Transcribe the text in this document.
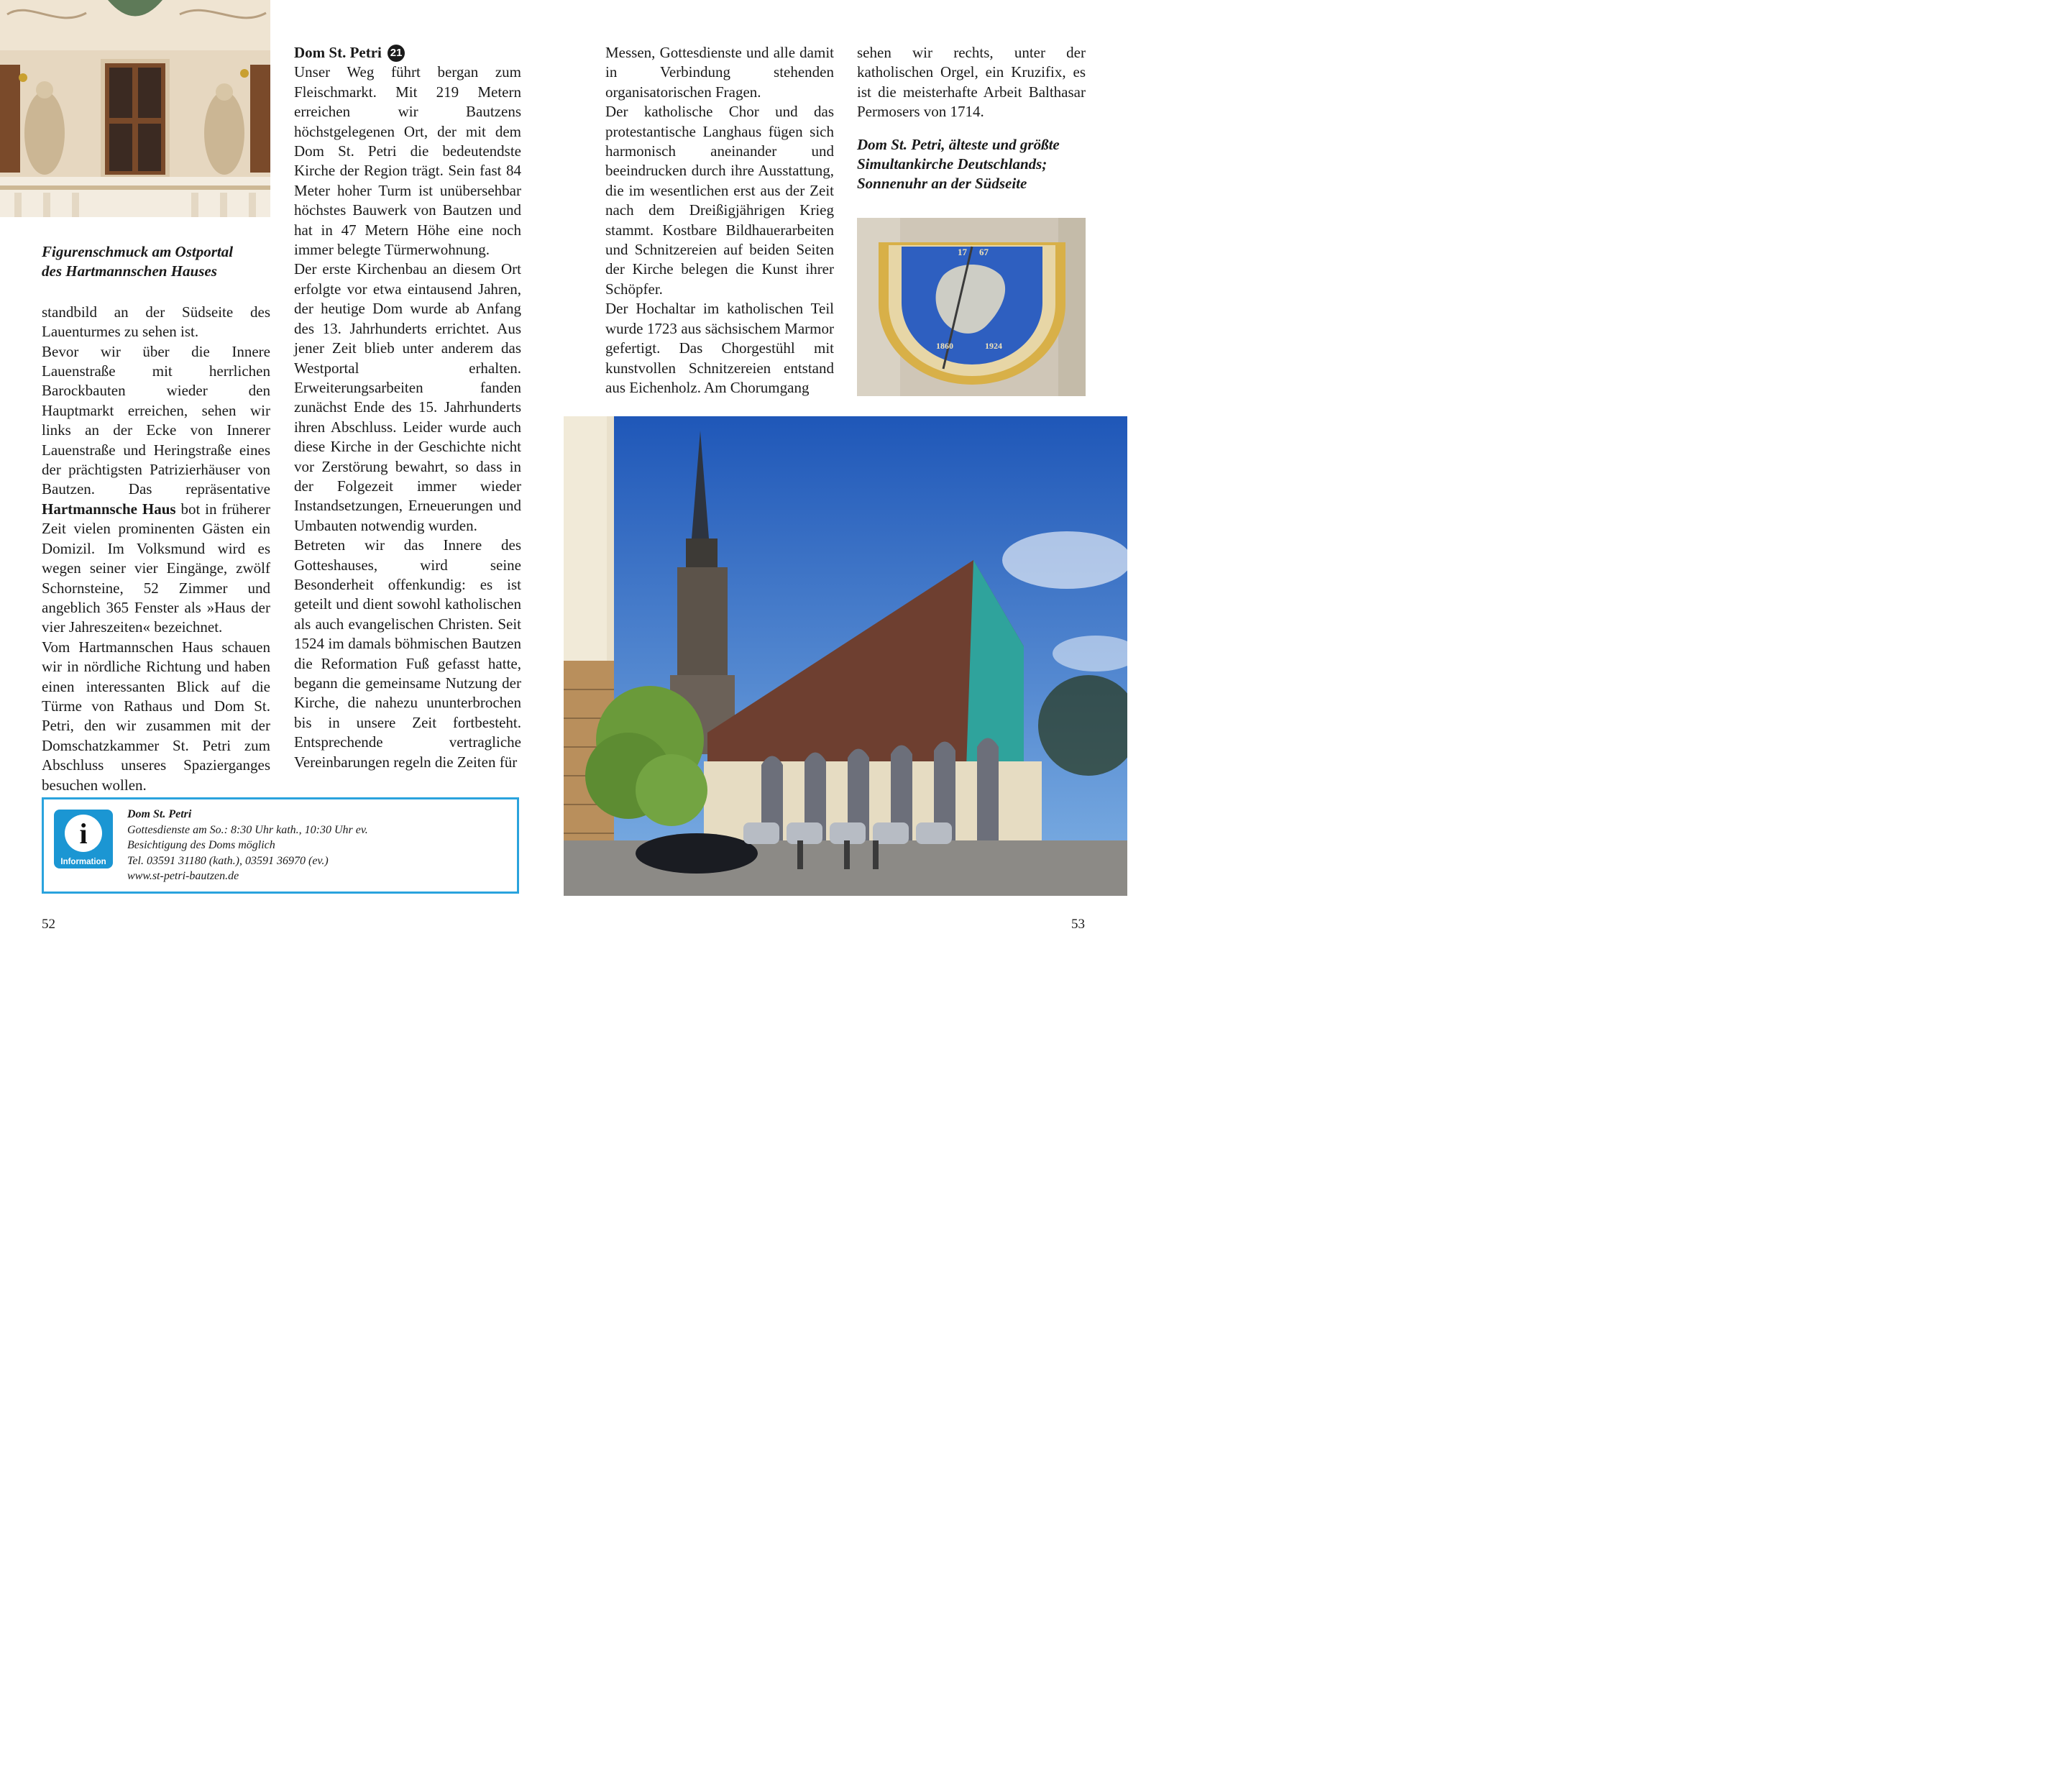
Figurenschmuck am Ostportal
des Hartmannschen Hauses

standbild an der Südseite des Lauenturmes zu sehen ist.

Bevor wir über die Innere Lauenstraße mit herrlichen Barockbauten wieder den Hauptmarkt erreichen, sehen wir links an der Ecke von Innerer Lauenstraße und Heringstraße eines der prächtigsten Patrizierhäuser von Bautzen. Das repräsentative Hartmannsche Haus bot in früherer Zeit vielen prominenten Gästen ein Domizil. Im Volksmund wird es wegen seiner vier Eingänge, zwölf Schornsteine, 52 Zimmer und angeblich 365 Fenster als »Haus der vier Jahreszeiten« bezeichnet.

Vom Hartmannschen Haus schauen wir in nördliche Richtung und haben einen interessanten Blick auf die Türme von Rathaus und Dom St. Petri, den wir zusammen mit der Domschatzkammer St. Petri zum Abschluss unseres Spazierganges besuchen wollen.

Dom St. Petri 21

Unser Weg führt bergan zum Fleischmarkt. Mit 219 Metern erreichen wir Bautzens höchstgelegenen Ort, der mit dem Dom St. Petri die bedeutendste Kirche der Region trägt. Sein fast 84 Meter hoher Turm ist unübersehbar höchstes Bauwerk von Bautzen und hat in 47 Metern Höhe eine noch immer belegte Türmerwohnung.

Der erste Kirchenbau an diesem Ort erfolgte vor etwa eintausend Jahren, der heutige Dom wurde ab Anfang des 13. Jahrhunderts errichtet. Aus jener Zeit blieb unter anderem das Westportal erhalten. Erweiterungsarbeiten fanden zunächst Ende des 15. Jahrhunderts ihren Abschluss. Leider wurde auch diese Kirche in der Geschichte nicht vor Zerstörung bewahrt, so dass in der Folgezeit immer wieder Instandsetzungen, Erneuerungen und Umbauten notwendig wurden.

Betreten wir das Innere des Gotteshauses, wird seine Besonderheit offenkundig: es ist geteilt und dient sowohl katholischen als auch evangelischen Christen. Seit 1524 im damals böhmischen Bautzen die Reformation Fuß gefasst hatte, begann die gemeinsame Nutzung der Kirche, die nahezu ununterbrochen bis in unsere Zeit fortbesteht. Entsprechende vertragliche Vereinbarungen regeln die Zeiten für

i
Information
Dom St. Petri
Gottesdienste am So.: 8:30 Uhr kath., 10:30 Uhr ev.
Besichtigung des Doms möglich
Tel. 03591 31180 (kath.), 03591 36970 (ev.)
www.st-petri-bautzen.de
52

Messen, Gottesdienste und alle damit in Verbindung stehenden organisatorischen Fragen.

Der katholische Chor und das protestantische Langhaus fügen sich harmonisch aneinander und beeindrucken durch ihre Ausstattung, die im wesentlichen erst aus der Zeit nach dem Dreißigjährigen Krieg stammt. Kostbare Bildhauerarbeiten und Schnitzereien auf beiden Seiten der Kirche belegen die Kunst ihrer Schöpfer.

Der Hochaltar im katholischen Teil wurde 1723 aus sächsischem Marmor gefertigt. Das Chorgestühl mit kunstvollen Schnitzereien entstand aus Eichenholz. Am Chorumgang

sehen wir rechts, unter der katholischen Orgel, ein Kruzifix, es ist die meisterhafte Arbeit Balthasar Permosers von 1714.

Dom St. Petri, älteste und größte
Simultankirche Deutschlands;
Sonnenuhr an der Südseite
17 67
1860	1924
53
